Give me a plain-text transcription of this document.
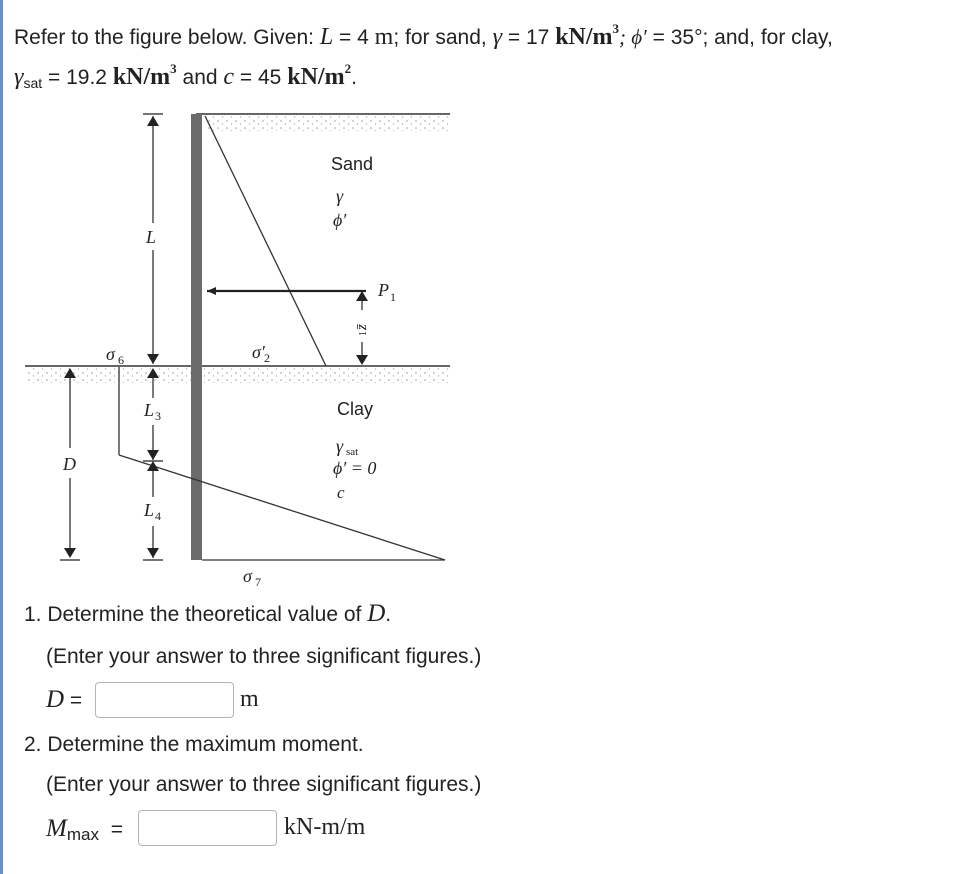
Refer to the figure below. Given: L = 4 m; for sand, γ = 17 $kN/m^3$; ϕ′ = 35°; and, for clay,
$\gamma_{sat} = 19.2$ $kN/m^3$ and c = 45 $kN/m^2$.
Sand
γ
ϕ′
L
P 1
z̄
1
σ 6	σ′ 2
L 3
L 4
D
Clay
γ sat
ϕ′ = 0
c
σ 7
1. Determine the theoretical value of D.
(Enter your answer to three significant figures.)
D =	m
2. Determine the maximum moment.
(Enter your answer to three significant figures.)
$M_{max}$ =	kN-m/m
